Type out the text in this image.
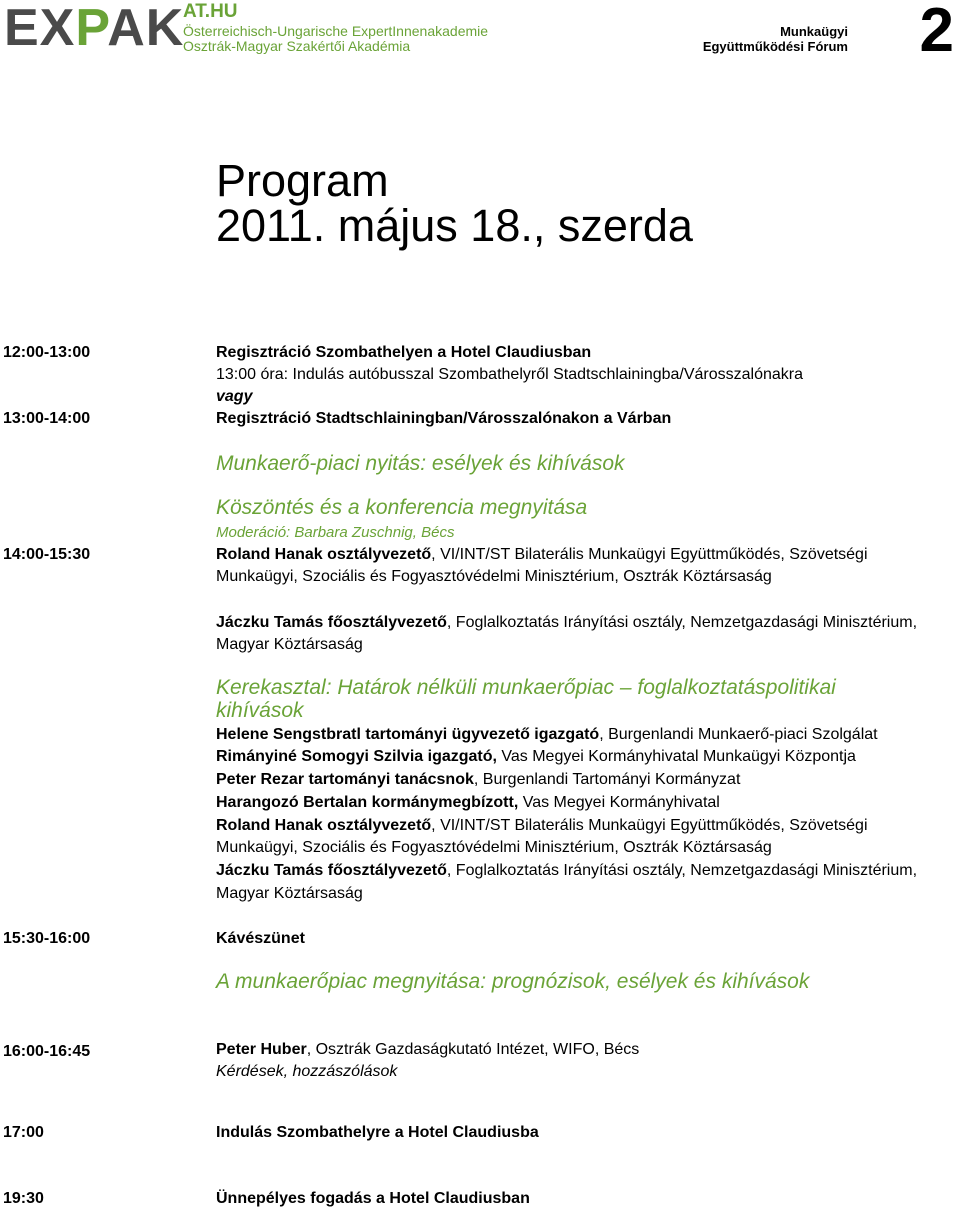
EXPAK
AT.HU
Österreichisch-Ungarische ExpertInnenakademie
Osztrák-Magyar Szakértői Akadémia
Munkaügyi
Együttműködési Fórum 2
Program
2011. május 18., szerda
12:00-13:00	Regisztráció Szombathelyen a Hotel Claudiusban
13:00 óra: Indulás autóbusszal Szombathelyről Stadtschlainingba/Városszalónakra
vagy
13:00-14:00	Regisztráció Stadtschlainingban/Városszalónakon a Várban
Munkaerő-piaci nyitás: esélyek és kihívások
Köszöntés és a konferencia megnyitása
Moderáció: Barbara Zuschnig, Bécs
14:00-15:30	Roland Hanak osztályvezető, VI/INT/ST Bilaterális Munkaügyi Együttműködés, Szövetségi
Munkaügyi, Szociális és Fogyasztóvédelmi Minisztérium, Osztrák Köztársaság
Jáczku Tamás főosztályvezető, Foglalkoztatás Irányítási osztály, Nemzetgazdasági Minisztérium,
Magyar Köztársaság
Kerekasztal: Határok nélküli munkaerőpiac – foglalkoztatáspolitikai
kihívások
Helene Sengstbratl tartományi ügyvezető igazgató, Burgenlandi Munkaerő-piaci Szolgálat
Rimányiné Somogyi Szilvia igazgató, Vas Megyei Kormányhivatal Munkaügyi Központja
Peter Rezar tartományi tanácsnok, Burgenlandi Tartományi Kormányzat
Harangozó Bertalan kormánymegbízott, Vas Megyei Kormányhivatal
Roland Hanak osztályvezető, VI/INT/ST Bilaterális Munkaügyi Együttműködés, Szövetségi
Munkaügyi, Szociális és Fogyasztóvédelmi Minisztérium, Osztrák Köztársaság
Jáczku Tamás főosztályvezető, Foglalkoztatás Irányítási osztály, Nemzetgazdasági Minisztérium,
Magyar Köztársaság
15:30-16:00	Kávészünet
A munkaerőpiac megnyitása: prognózisok, esélyek és kihívások
16:00-16:45	Peter Huber, Osztrák Gazdaságkutató Intézet, WIFO, Bécs
Kérdések, hozzászólások
17:00	Indulás Szombathelyre a Hotel Claudiusba
19:30	Ünnepélyes fogadás a Hotel Claudiusban
